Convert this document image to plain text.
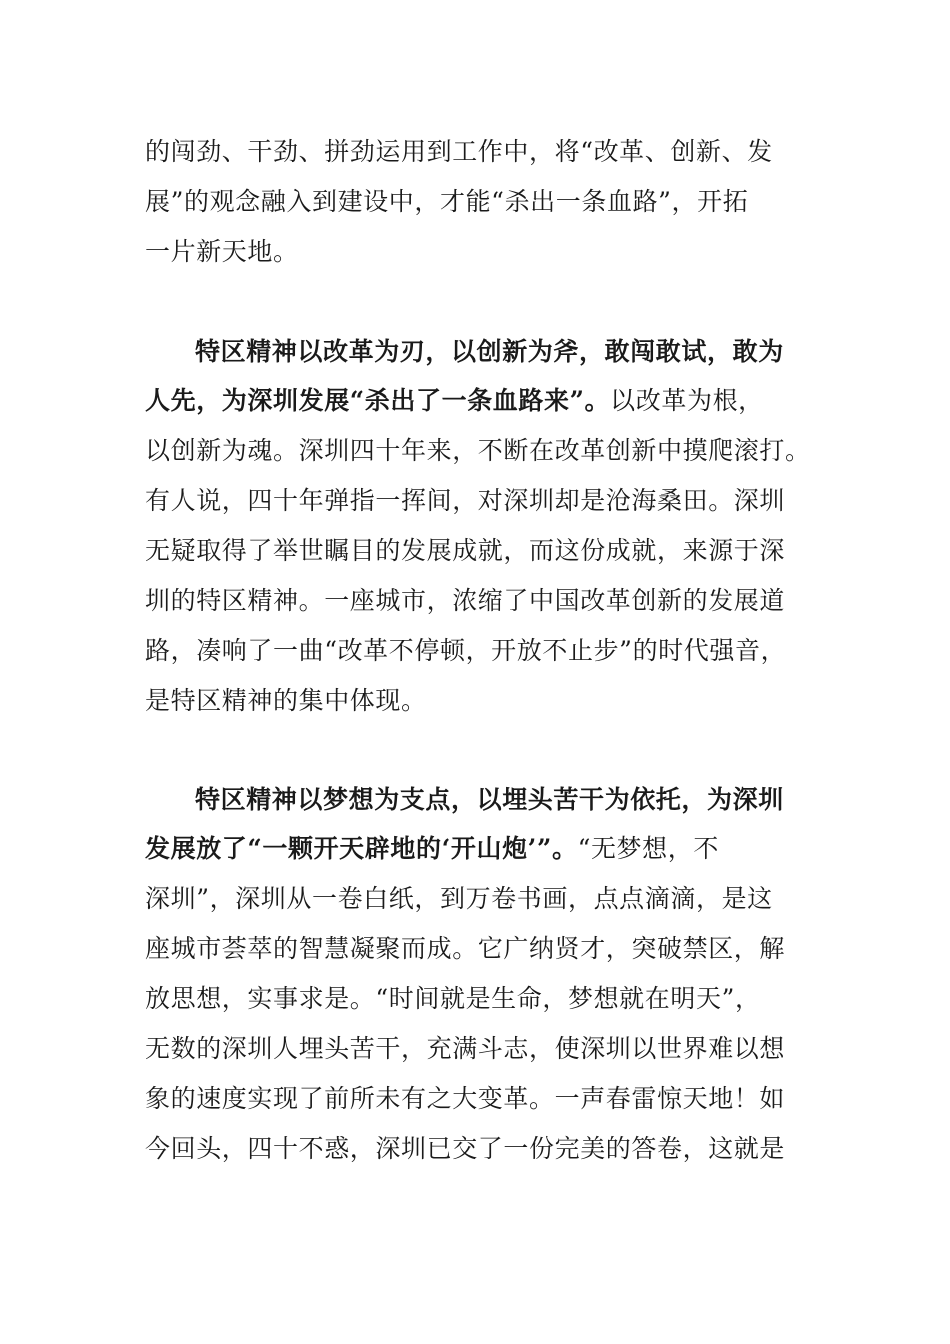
的闯劲、干劲、拼劲运用到工作中，将“改革、创新、发
展”的观念融入到建设中，才能“杀出一条血路”，开拓
一片新天地。
特区精神以改革为刃，以创新为斧，敢闯敢试，敢为
人先，为深圳发展“杀出了一条血路来”。以改革为根，
以创新为魂。深圳四十年来，不断在改革创新中摸爬滚打。
有人说，四十年弹指一挥间，对深圳却是沧海桑田。深圳
无疑取得了举世瞩目的发展成就，而这份成就，来源于深
圳的特区精神。一座城市，浓缩了中国改革创新的发展道
路，凑响了一曲“改革不停顿，开放不止步”的时代强音，
是特区精神的集中体现。
特区精神以梦想为支点，以埋头苦干为依托，为深圳
发展放了“一颗开天辟地的‘开山炮’”。“无梦想，不
深圳”，深圳从一卷白纸，到万卷书画，点点滴滴，是这
座城市荟萃的智慧凝聚而成。它广纳贤才，突破禁区，解
放思想，实事求是。“时间就是生命，梦想就在明天”，
无数的深圳人埋头苦干，充满斗志，使深圳以世界难以想
象的速度实现了前所未有之大变革。一声春雷惊天地！如
今回头，四十不惑，深圳已交了一份完美的答卷，这就是
